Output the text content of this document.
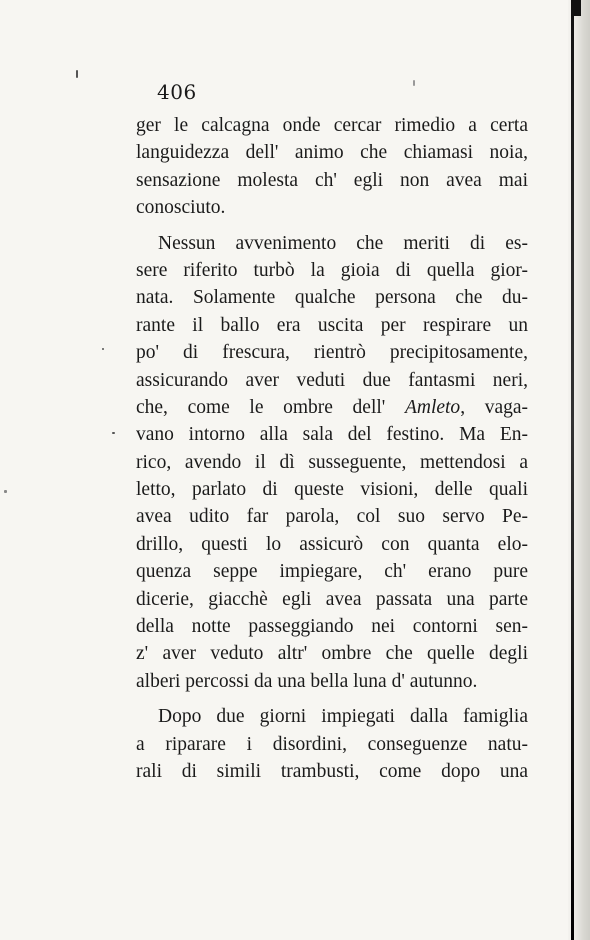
406
ger le calcagna onde cercar rimedio a certa
languidezza dell' animo che chiamasi noia,
sensazione molesta ch' egli non avea mai
conosciuto.
Nessun avvenimento che meriti di es-
sere riferito turbò la gioia di quella gior-
nata. Solamente qualche persona che du-
rante il ballo era uscita per respirare un
po' di frescura, rientrò precipitosamente,
assicurando aver veduti due fantasmi neri,
che, come le ombre dell' Amleto, vaga-
vano intorno alla sala del festino. Ma En-
rico, avendo il dì susseguente, mettendosi a
letto, parlato di queste visioni, delle quali
avea udito far parola, col suo servo Pe-
drillo, questi lo assicurò con quanta elo-
quenza seppe impiegare, ch' erano pure
dicerie, giacchè egli avea passata una parte
della notte passeggiando nei contorni sen-
z' aver veduto altr' ombre che quelle degli
alberi percossi da una bella luna d' autunno.
Dopo due giorni impiegati dalla famiglia
a riparare i disordini, conseguenze natu-
rali di simili trambusti, come dopo una
